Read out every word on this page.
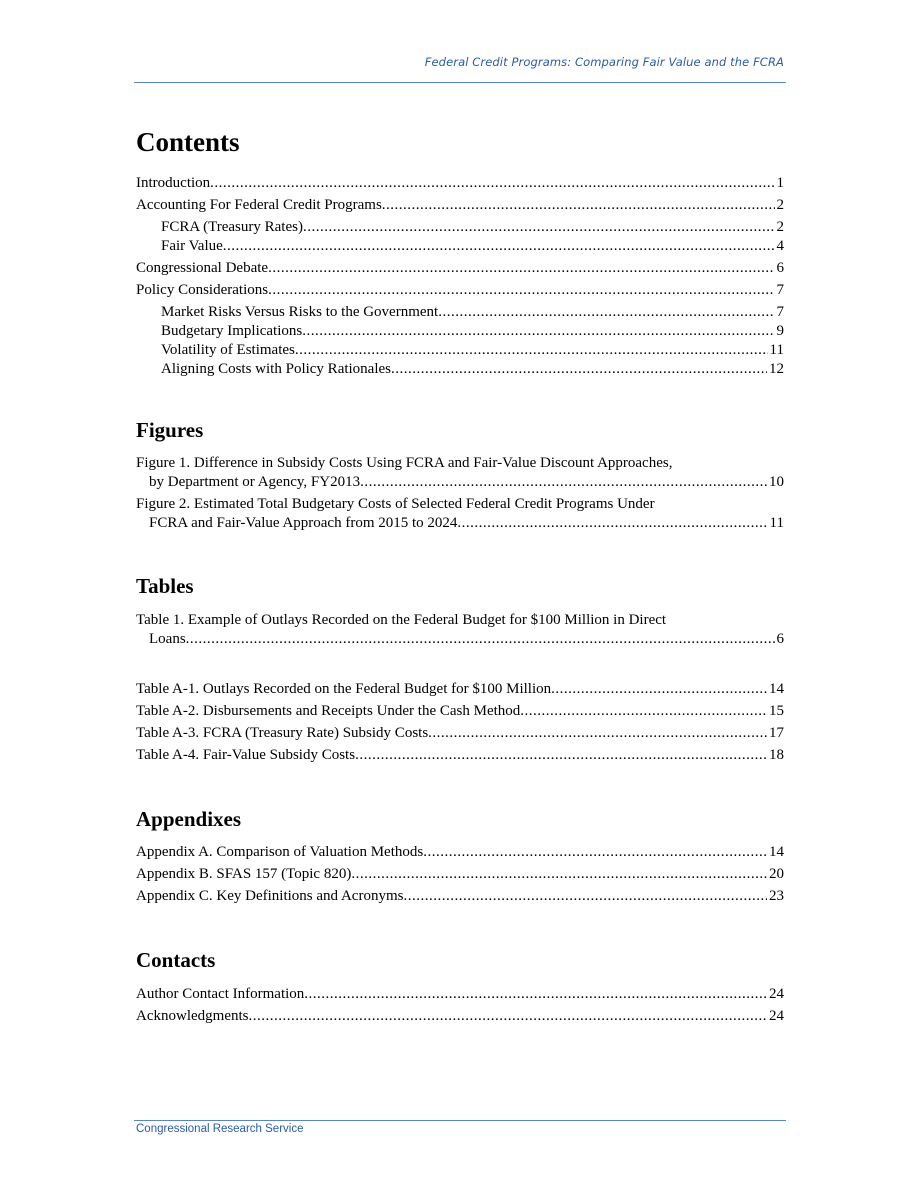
Federal Credit Programs: Comparing Fair Value and the FCRA
Contents
Introduction .....	1
Accounting For Federal Credit Programs .....	2
FCRA (Treasury Rates) .....	2
Fair Value .....	4
Congressional Debate .....	6
Policy Considerations .....	7
Market Risks Versus Risks to the Government .....	7
Budgetary Implications .....	9
Volatility of Estimates .....	11
Aligning Costs with Policy Rationales .....	12
Figures
Figure 1. Difference in Subsidy Costs Using FCRA and Fair-Value Discount Approaches,
by Department or Agency, FY2013 .....	10
Figure 2. Estimated Total Budgetary Costs of Selected Federal Credit Programs Under
FCRA and Fair-Value Approach from 2015 to 2024 .....	11
Tables
Table 1. Example of Outlays Recorded on the Federal Budget for $100 Million in Direct
Loans .....	6
Table A-1. Outlays Recorded on the Federal Budget for $100 Million .....	14
Table A-2. Disbursements and Receipts Under the Cash Method .....	15
Table A-3. FCRA (Treasury Rate) Subsidy Costs .....	17
Table A-4. Fair-Value Subsidy Costs .....	18
Appendixes
Appendix A. Comparison of Valuation Methods .....	14
Appendix B. SFAS 157 (Topic 820) .....	20
Appendix C. Key Definitions and Acronyms .....	23
Contacts
Author Contact Information .....	24
Acknowledgments .....	24
Congressional Research Service
